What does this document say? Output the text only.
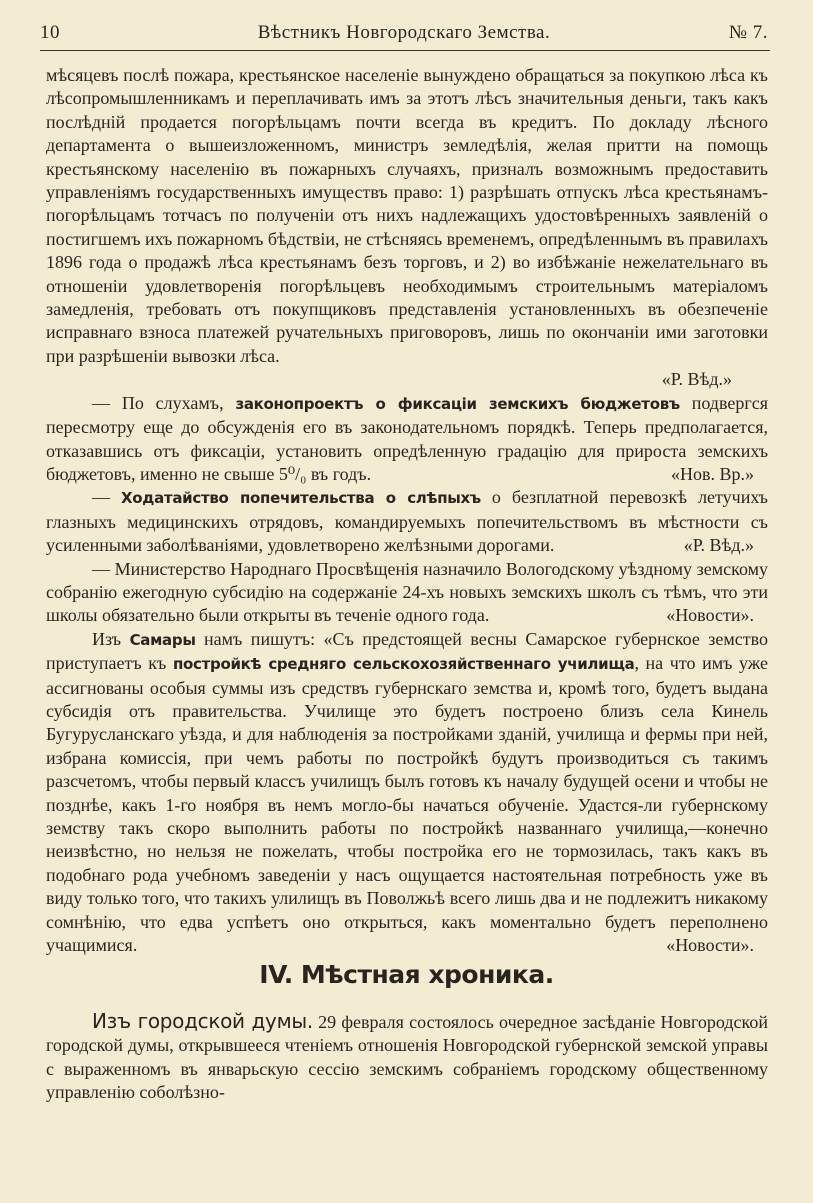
10	Вѣстникъ Новгородскаго Земства.	№ 7.

мѣсяцевъ послѣ пожара, крестьянское населеніе вынуждено обращаться за покупкою лѣса къ лѣсопромышленникамъ и переплачивать имъ за этотъ лѣсъ значительныя деньги, такъ какъ послѣдній продается погорѣльцамъ почти всегда въ кредитъ. По докладу лѣсного департамента о вышеизложенномъ, министръ земледѣлія, желая притти на помощь крестьянскому населенію въ пожарныхъ случаяхъ, призналъ возможнымъ предоставить управленіямъ государственныхъ имуществъ право: 1) разрѣшать отпускъ лѣса крестьянамъ-погорѣльцамъ тотчасъ по полученіи отъ нихъ надлежащихъ удостовѣренныхъ заявленій о постигшемъ ихъ пожарномъ бѣдствіи, не стѣсняясь временемъ, опредѣленнымъ въ правилахъ 1896 года о продажѣ лѣса крестьянамъ безъ торговъ, и 2) во избѣжаніе нежелательнаго въ отношеніи удовлетворенія погорѣльцевъ необходимымъ строительнымъ матеріаломъ замедленія, требовать отъ покупщиковъ представленія установленныхъ въ обезпеченіе исправнаго взноса платежей ручательныхъ приговоровъ, лишь по окончаніи ими заготовки при разрѣшеніи вывозки лѣса.

«Р. Вѣд.»

— По слухамъ, законопроектъ о фиксаціи земскихъ бюджетовъ подвергся пересмотру еще до обсужденія его въ законодательномъ порядкѣ. Теперь предполагается, отказавшись отъ фиксаціи, установить опредѣленную градацію для прироста земскихъ бюджетовъ, именно не свыше 5⁰/₀ въ годъ.	«Нов. Вр.»

— Ходатайство попечительства о слѣпыхъ о безплатной перевозкѣ летучихъ глазныхъ медицинскихъ отрядовъ, командируемыхъ попечительствомъ въ мѣстности съ усиленными заболѣваніями, удовлетворено желѣзными дорогами.	«Р. Вѣд.»

— Министерство Народнаго Просвѣщенія назначило Вологодскому уѣздному земскому собранію ежегодную субсидію на содержаніе 24-хъ новыхъ земскихъ школъ съ тѣмъ, что эти школы обязательно были открыты въ теченіе одного года.	«Новости».

Изъ Самары намъ пишутъ: «Съ предстоящей весны Самарское губернское земство приступаетъ къ постройкѣ средняго сельскохозяйственнаго училища, на что имъ уже ассигнованы особыя суммы изъ средствъ губернскаго земства и, кромѣ того, будетъ выдана субсидія отъ правительства. Училище это будетъ построено близъ села Кинель Бугурусланскаго уѣзда, и для наблюденія за постройками зданій, училища и фермы при ней, избрана комиссія, при чемъ работы по постройкѣ будутъ производиться съ такимъ разсчетомъ, чтобы первый классъ училищъ былъ готовъ къ началу будущей осени и чтобы не позднѣе, какъ 1-го ноября въ немъ могло-бы начаться обученіе. Удастся-ли губернскому земству такъ скоро выполнить работы по постройкѣ названнаго училища,—конечно неизвѣстно, но нельзя не пожелать, чтобы постройка его не тормозилась, такъ какъ въ подобнаго рода учебномъ заведеніи у насъ ощущается настоятельная потребность уже въ виду только того, что такихъ улилищъ въ Поволжьѣ всего лишь два и не подлежитъ никакому сомнѣнію, что едва успѣетъ оно открыться, какъ моментально будетъ переполнено учащимися.	«Новости».

IV. Мѣстная хроника.

Изъ городской думы. 29 февраля состоялось очередное засѣданіе Новгородской городской думы, открывшееся чтеніемъ отношенія Новгородской губернской земской управы с выраженномъ въ январьскую сессію земскимъ собраніемъ городскому общественному управленію соболѣзно-
